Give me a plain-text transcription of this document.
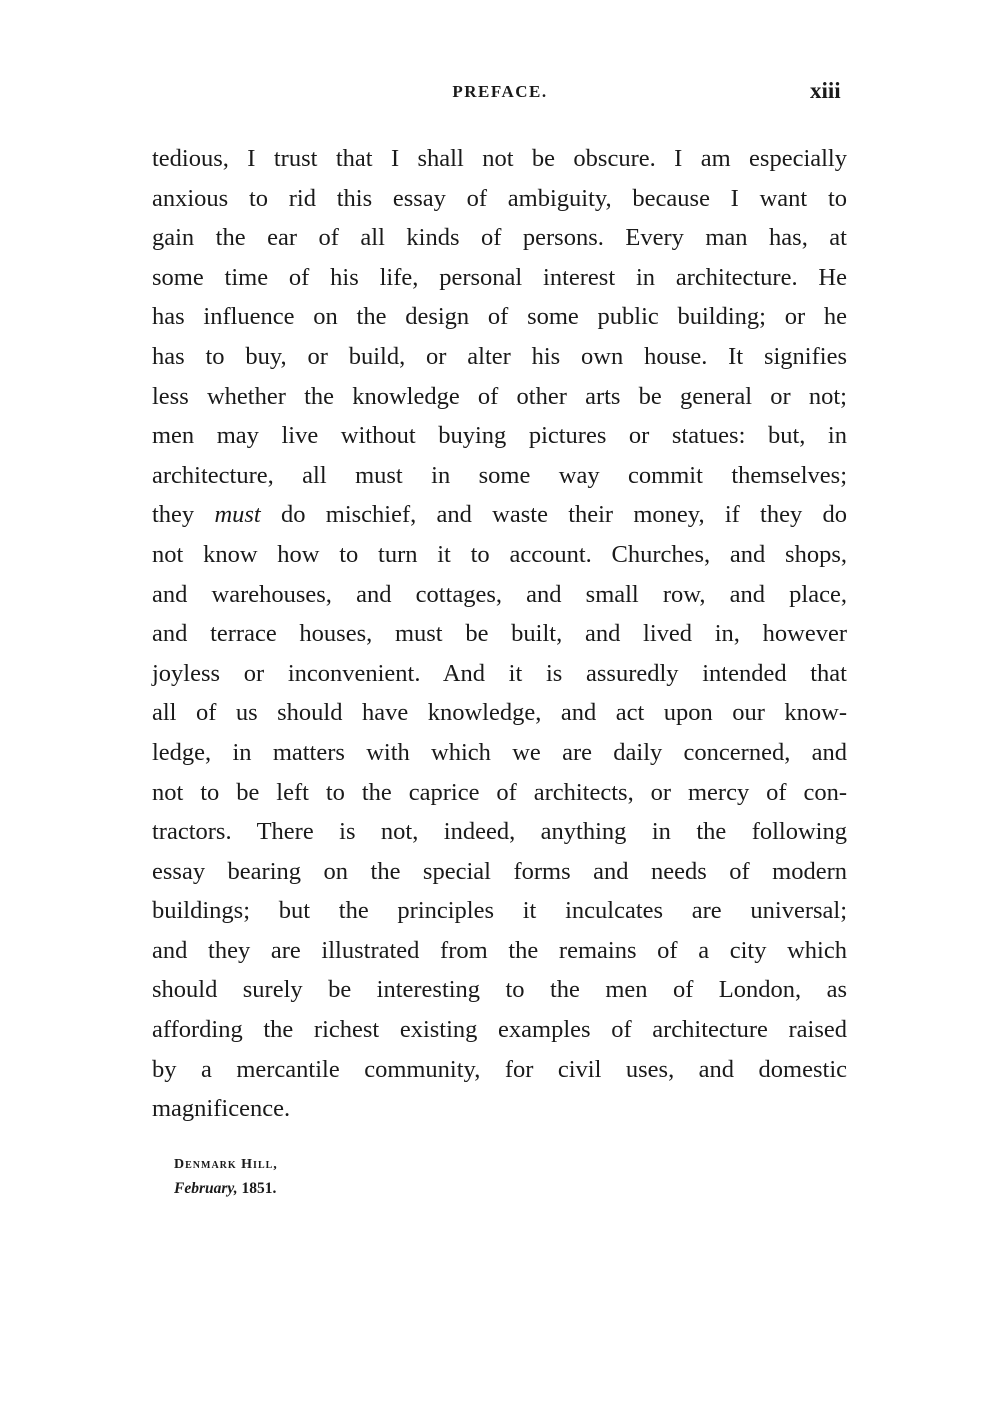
PREFACE.	xiii
tedious, I trust that I shall not be obscure. I am especially
anxious to rid this essay of ambiguity, because I want to
gain the ear of all kinds of persons. Every man has, at
some time of his life, personal interest in architecture. He
has influence on the design of some public building; or he
has to buy, or build, or alter his own house. It signifies
less whether the knowledge of other arts be general or not;
men may live without buying pictures or statues: but, in
architecture, all must in some way commit themselves;
they must do mischief, and waste their money, if they do
not know how to turn it to account. Churches, and shops,
and warehouses, and cottages, and small row, and place,
and terrace houses, must be built, and lived in, however
joyless or inconvenient. And it is assuredly intended that
all of us should have knowledge, and act upon our know-
ledge, in matters with which we are daily concerned, and
not to be left to the caprice of architects, or mercy of con-
tractors. There is not, indeed, anything in the following
essay bearing on the special forms and needs of modern
buildings; but the principles it inculcates are universal;
and they are illustrated from the remains of a city which
should surely be interesting to the men of London, as
affording the richest existing examples of architecture raised
by a mercantile community, for civil uses, and domestic
magnificence.
Denmark Hill,
February, 1851.
